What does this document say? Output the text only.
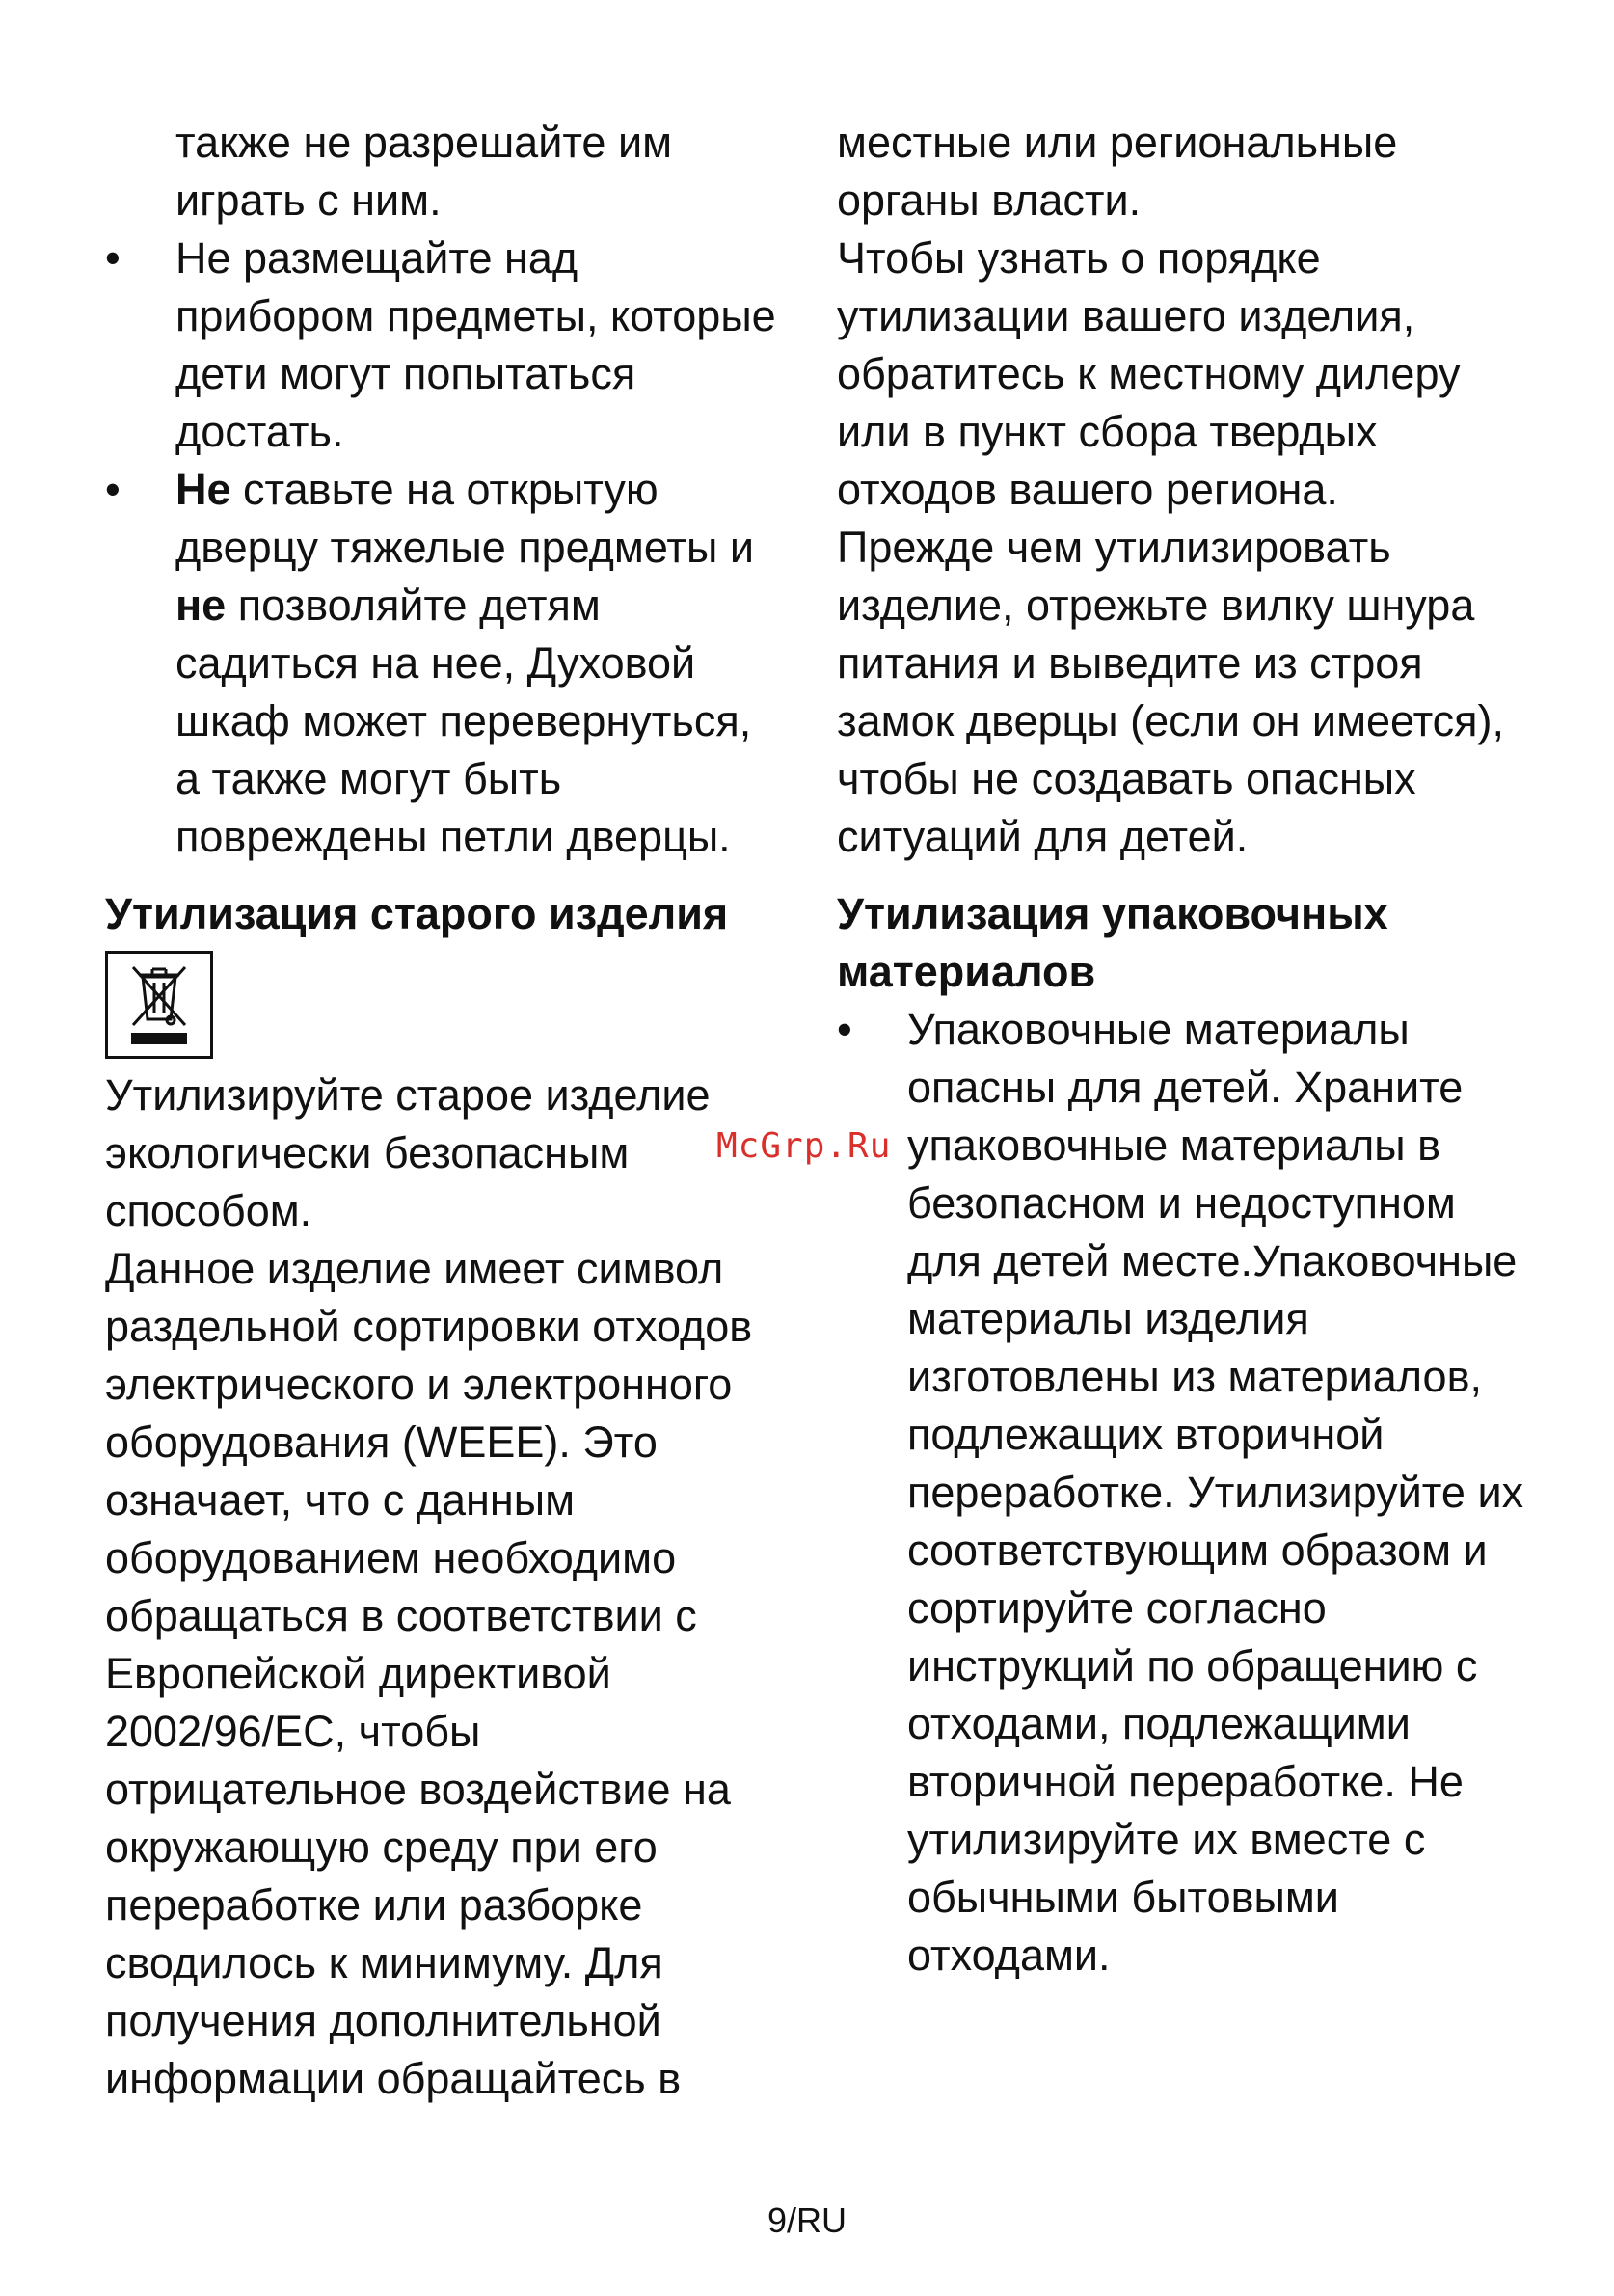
также не разрешайте им
играть с ним.

•	Не размещайте над прибором предметы, которые дети могут попытаться достать.
•	Не ставьте на открытую дверцу тяжелые предметы и не позволяйте детям садиться на нее, Духовой шкаф может перевернуться, а также могут быть повреждены петли дверцы.

Утилизация старого изделия

Утилизируйте старое изделие экологически безопасным способом.

Данное изделие имеет символ раздельной сортировки отходов электрического и электронного оборудования (WEEE). Это означает, что с данным оборудованием необходимо обращаться в соответствии с Европейской директивой 2002/96/ЕС, чтобы отрицательное воздействие на окружающую среду при его переработке или разборке сводилось к минимуму. Для получения дополнительной информации обращайтесь в

местные или региональные органы власти.

Чтобы узнать о порядке утилизации вашего изделия, обратитесь к местному дилеру или в пункт сбора твердых отходов вашего региона.

Прежде чем утилизировать изделие, отрежьте вилку шнура питания и выведите из строя замок дверцы (если он имеется), чтобы не создавать опасных ситуаций для детей.

Утилизация упаковочных
материалов

•	Упаковочные материалы опасны для детей. Храните упаковочные материалы в безопасном и недоступном для детей месте.Упаковочные материалы изделия изготовлены из материалов, подлежащих вторичной переработке. Утилизируйте их соответствующим образом и сортируйте согласно инструкций по обращению с отходами, подлежащими вторичной переработке. Не утилизируйте их вместе с обычными бытовыми отходами.
McGrp.Ru
9/RU
